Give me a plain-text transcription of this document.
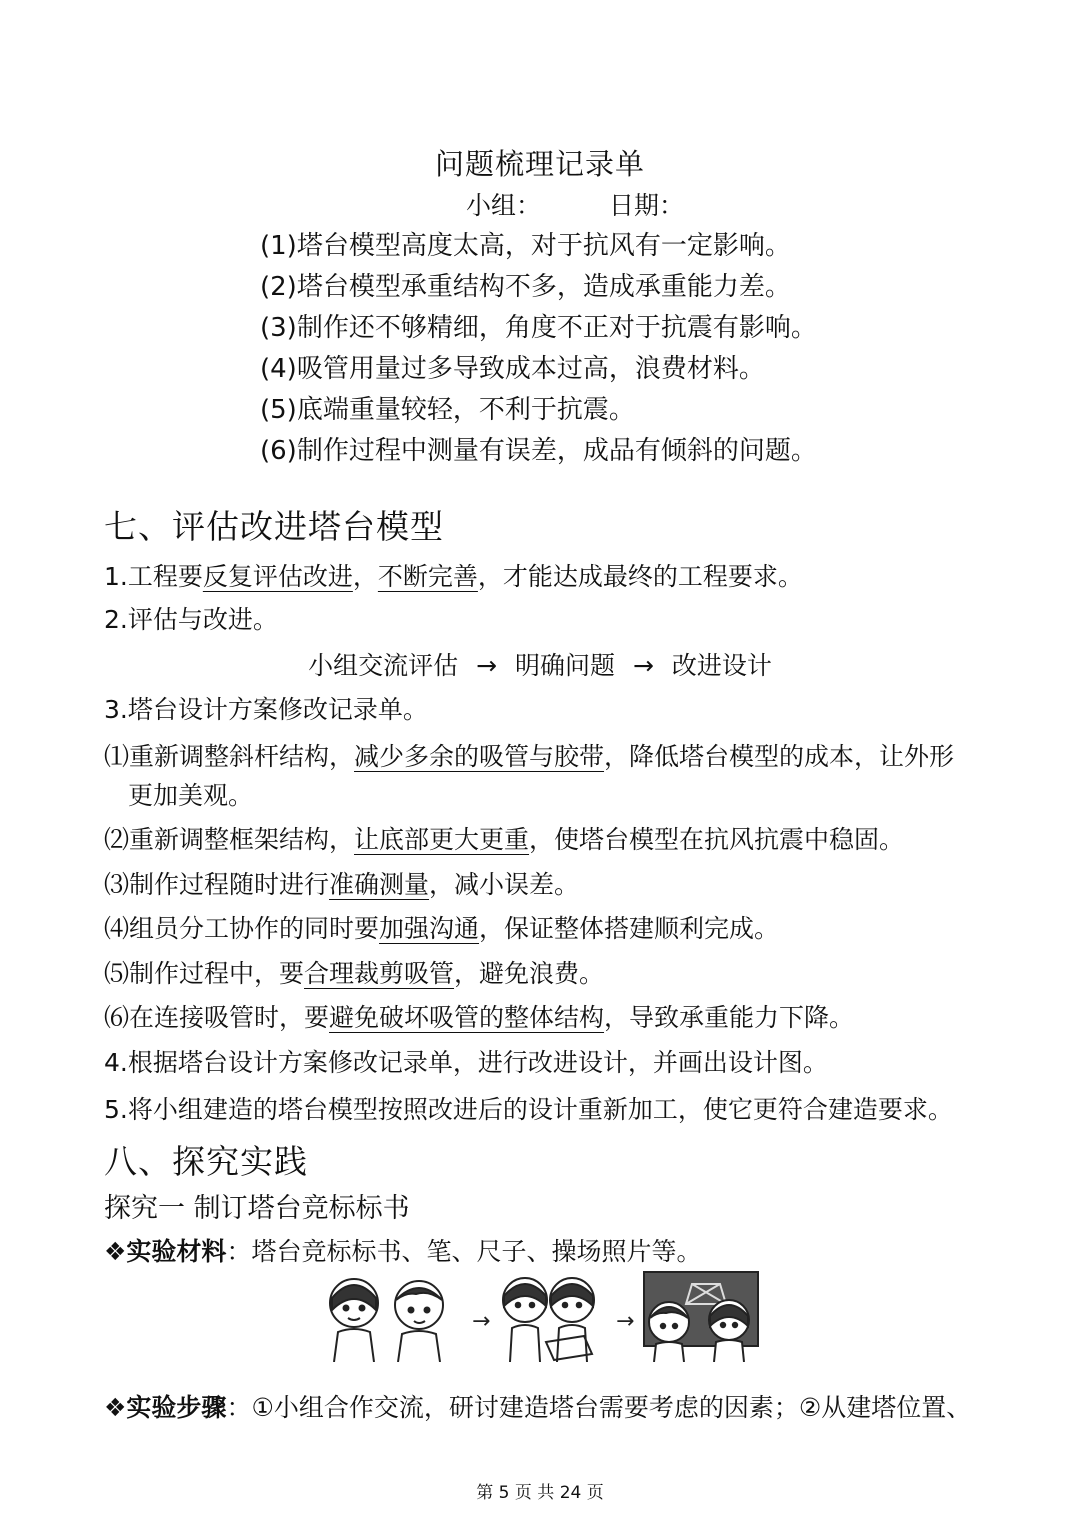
问题梳理记录单
小组：	日期：
(1)塔台模型高度太高，对于抗风有一定影响。
(2)塔台模型承重结构不多，造成承重能力差。
(3)制作还不够精细，角度不正对于抗震有影响。
(4)吸管用量过多导致成本过高，浪费材料。
(5)底端重量较轻，不利于抗震。
(6)制作过程中测量有误差，成品有倾斜的问题。
七、评估改进塔台模型
1.工程要反复评估改进，不断完善，才能达成最终的工程要求。
2.评估与改进。
小组交流评估 → 明确问题 → 改进设计
3.塔台设计方案修改记录单。
⑴重新调整斜杆结构，减少多余的吸管与胶带，降低塔台模型的成本，让外形
更加美观。
⑵重新调整框架结构，让底部更大更重，使塔台模型在抗风抗震中稳固。
⑶制作过程随时进行准确测量，减小误差。
⑷组员分工协作的同时要加强沟通，保证整体搭建顺利完成。
⑸制作过程中，要合理裁剪吸管，避免浪费。
⑹在连接吸管时，要避免破坏吸管的整体结构，导致承重能力下降。
4.根据塔台设计方案修改记录单，进行改进设计，并画出设计图。
5.将小组建造的塔台模型按照改进后的设计重新加工，使它更符合建造要求。
八、探究实践
探究一 制订塔台竞标标书
❖实验材料：塔台竞标标书、笔、尺子、操场照片等。
→	→
❖实验步骤：①小组合作交流，研讨建造塔台需要考虑的因素；②从建塔位置、
第 5 页 共 24 页
